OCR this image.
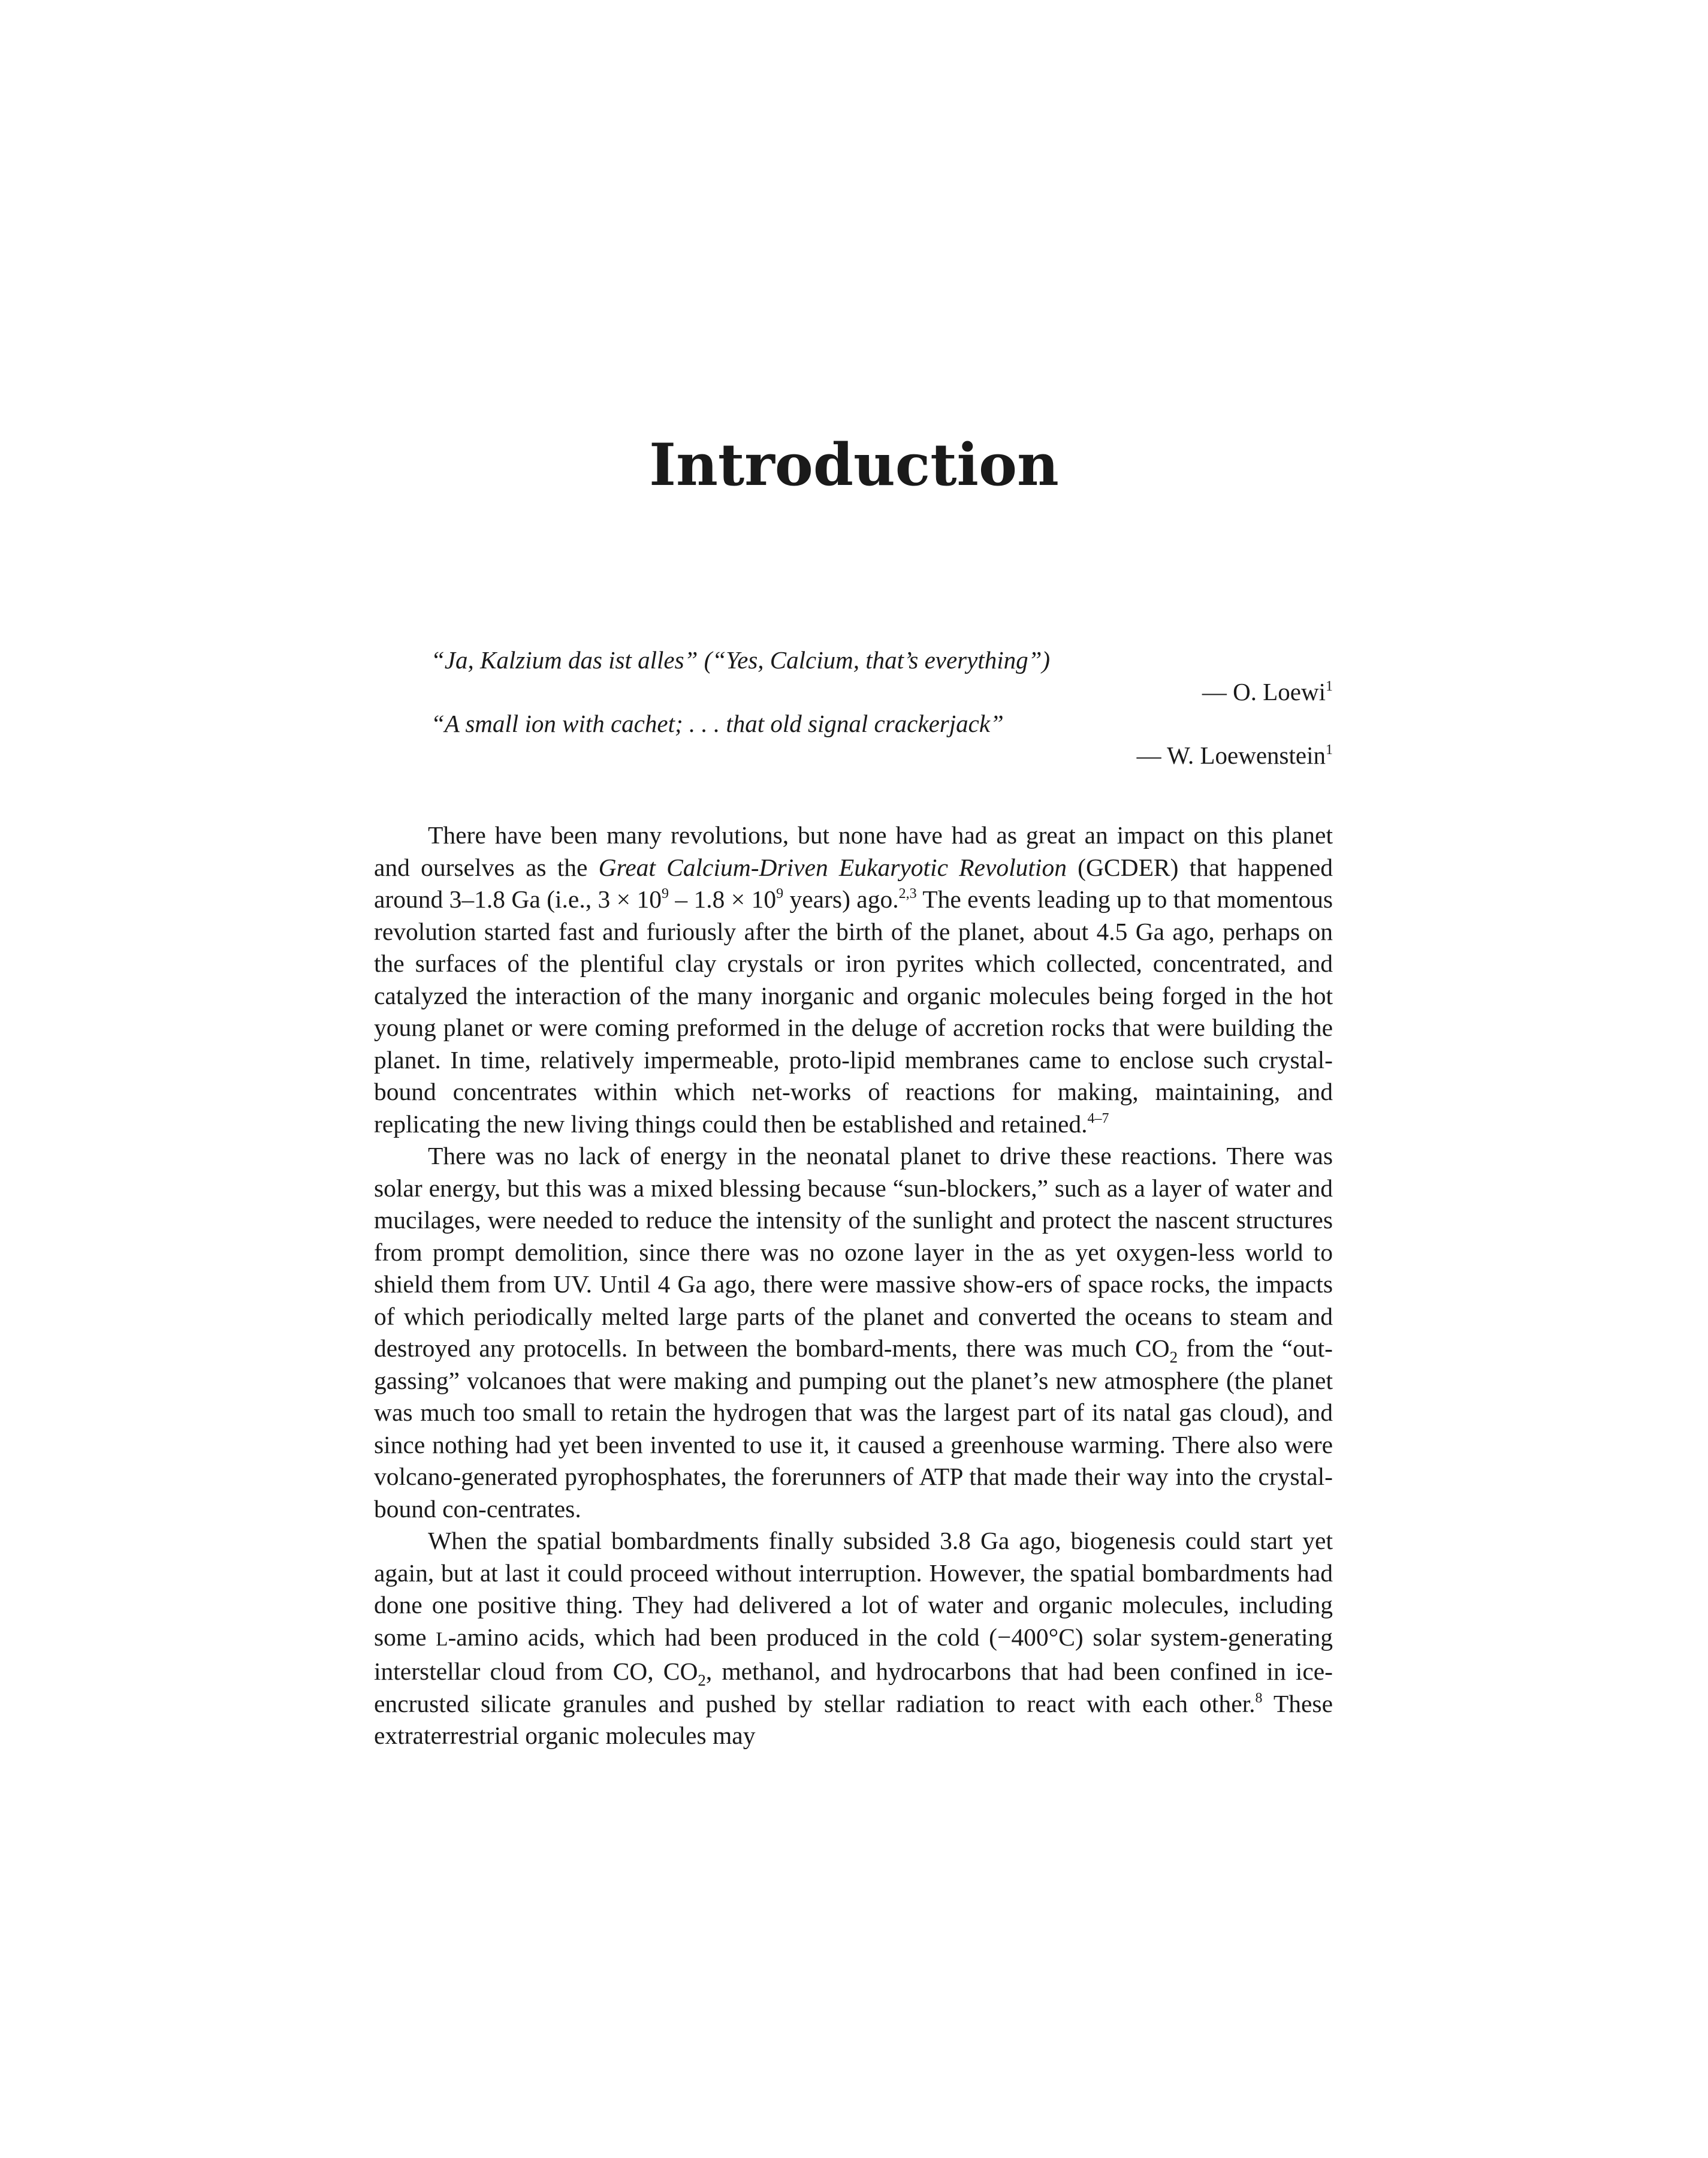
Introduction
“Ja, Kalzium das ist alles” (“Yes, Calcium, that’s everything”)
— O. Loewi$^1$
“A small ion with cachet; . . . that old signal crackerjack”
— W. Loewenstein$^1$

There have been many revolutions, but none have had as great an impact on this planet and ourselves as the Great Calcium-Driven Eukaryotic Revolution (GCDER) that happened around 3–1.8 Ga (i.e., $3 \times 10^9 - 1.8 \times 10^9$ years) ago.$^{2,3}$ The events leading up to that momentous revolution started fast and furiously after the birth of the planet, about 4.5 Ga ago, perhaps on the surfaces of the plentiful clay crystals or iron pyrites which collected, concentrated, and catalyzed the interaction of the many inorganic and organic molecules being forged in the hot young planet or were coming preformed in the deluge of accretion rocks that were building the planet. In time, relatively impermeable, proto-lipid membranes came to enclose such crystal-bound concentrates within which net-works of reactions for making, maintaining, and replicating the new living things could then be established and retained.$^{4-7}$

There was no lack of energy in the neonatal planet to drive these reactions. There was solar energy, but this was a mixed blessing because “sun-blockers,” such as a layer of water and mucilages, were needed to reduce the intensity of the sunlight and protect the nascent structures from prompt demolition, since there was no ozone layer in the as yet oxygen-less world to shield them from UV. Until 4 Ga ago, there were massive show-ers of space rocks, the impacts of which periodically melted large parts of the planet and converted the oceans to steam and destroyed any protocells. In between the bombard-ments, there was much $CO_2$ from the “out-gassing” volcanoes that were making and pumping out the planet’s new atmosphere (the planet was much too small to retain the hydrogen that was the largest part of its natal gas cloud), and since nothing had yet been invented to use it, it caused a greenhouse warming. There also were volcano-generated pyrophosphates, the forerunners of ATP that made their way into the crystal-bound con-centrates.

When the spatial bombardments finally subsided 3.8 Ga ago, biogenesis could start yet again, but at last it could proceed without interruption. However, the spatial bombardments had done one positive thing. They had delivered a lot of water and organic molecules, including some L-amino acids, which had been produced in the cold (−400°C) solar system-generating interstellar cloud from CO, $CO_2$, methanol, and hydrocarbons that had been confined in ice-encrusted silicate granules and pushed by stellar radiation to react with each other.$^8$ These extraterrestrial organic molecules may
